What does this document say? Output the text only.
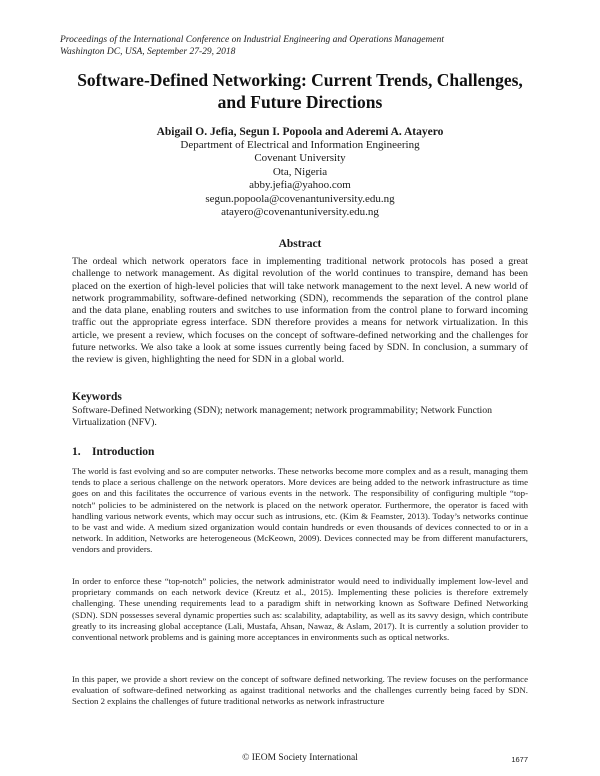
Proceedings of the International Conference on Industrial Engineering and Operations Management
Washington DC, USA, September 27-29, 2018
Software-Defined Networking: Current Trends, Challenges,
and Future Directions
Abigail O. Jefia, Segun I. Popoola and Aderemi A. Atayero
Department of Electrical and Information Engineering
Covenant University
Ota, Nigeria
abby.jefia@yahoo.com
segun.popoola@covenantuniversity.edu.ng
atayero@covenantuniversity.edu.ng
Abstract
The ordeal which network operators face in implementing traditional network protocols has posed a great challenge to network management. As digital revolution of the world continues to transpire, demand has been placed on the exertion of high-level policies that will take network management to the next level. A new world of network programmability, software-defined networking (SDN), recommends the separation of the control plane and the data plane, enabling routers and switches to use information from the control plane to forward incoming traffic out the appropriate egress interface. SDN therefore provides a means for network virtualization. In this article, we present a review, which focuses on the concept of software-defined networking and the challenges for future networks. We also take a look at some issues currently being faced by SDN. In conclusion, a summary of the review is given, highlighting the need for SDN in a global world.
Keywords
Software-Defined Networking (SDN); network management; network programmability; Network Function Virtualization (NFV).
1. Introduction
The world is fast evolving and so are computer networks. These networks become more complex and as a result, managing them tends to place a serious challenge on the network operators. More devices are being added to the network infrastructure as time goes on and this facilitates the occurrence of various events in the network. The responsibility of configuring multiple “top-notch” policies to be administered on the network is placed on the network operator. Furthermore, the operator is faced with handling various network events, which may occur such as intrusions, etc. (Kim & Feamster, 2013). Today’s networks continue to be vast and wide. A medium sized organization would contain hundreds or even thousands of devices connected to or in a network. In addition, Networks are heterogeneous (McKeown, 2009). Devices connected may be from different manufacturers, vendors and providers.
In order to enforce these “top-notch” policies, the network administrator would need to individually implement low-level and proprietary commands on each network device (Kreutz et al., 2015). Implementing these policies is therefore extremely challenging. These unending requirements lead to a paradigm shift in networking known as Software Defined Networking (SDN). SDN possesses several dynamic properties such as: scalability, adaptability, as well as its savvy design, which contribute greatly to its increasing global acceptance (Lali, Mustafa, Ahsan, Nawaz, & Aslam, 2017). It is currently a solution provider to conventional network problems and is gaining more acceptances in environments such as optical networks.
In this paper, we provide a short review on the concept of software defined networking. The review focuses on the performance evaluation of software-defined networking as against traditional networks and the challenges currently being faced by SDN. Section 2 explains the challenges of future traditional networks as network infrastructure
© IEOM Society International	1677
